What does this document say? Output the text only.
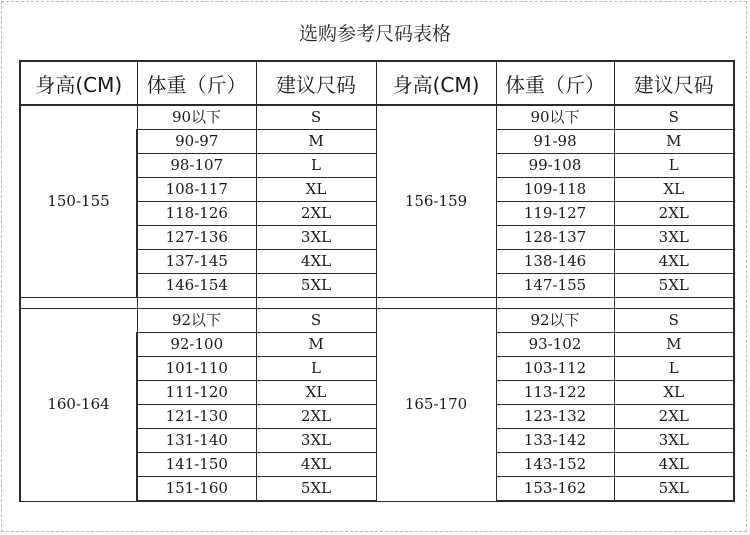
选购参考尺码表格
身高(CM)	体重（斤）	建议尺码	身高(CM)	体重（斤）	建议尺码
150-155	90以下	S	156-159	90以下	S
	90-97	M		91-98	M
	98-107	L		99-108	L
	108-117	XL		109-118	XL
	118-126	2XL		119-127	2XL
	127-136	3XL		128-137	3XL
	137-145	4XL		138-146	4XL
	146-154	5XL		147-155	5XL

160-164	92以下	S	165-170	92以下	S
	92-100	M		93-102	M
	101-110	L		103-112	L
	111-120	XL		113-122	XL
	121-130	2XL		123-132	2XL
	131-140	3XL		133-142	3XL
	141-150	4XL		143-152	4XL
	151-160	5XL		153-162	5XL
